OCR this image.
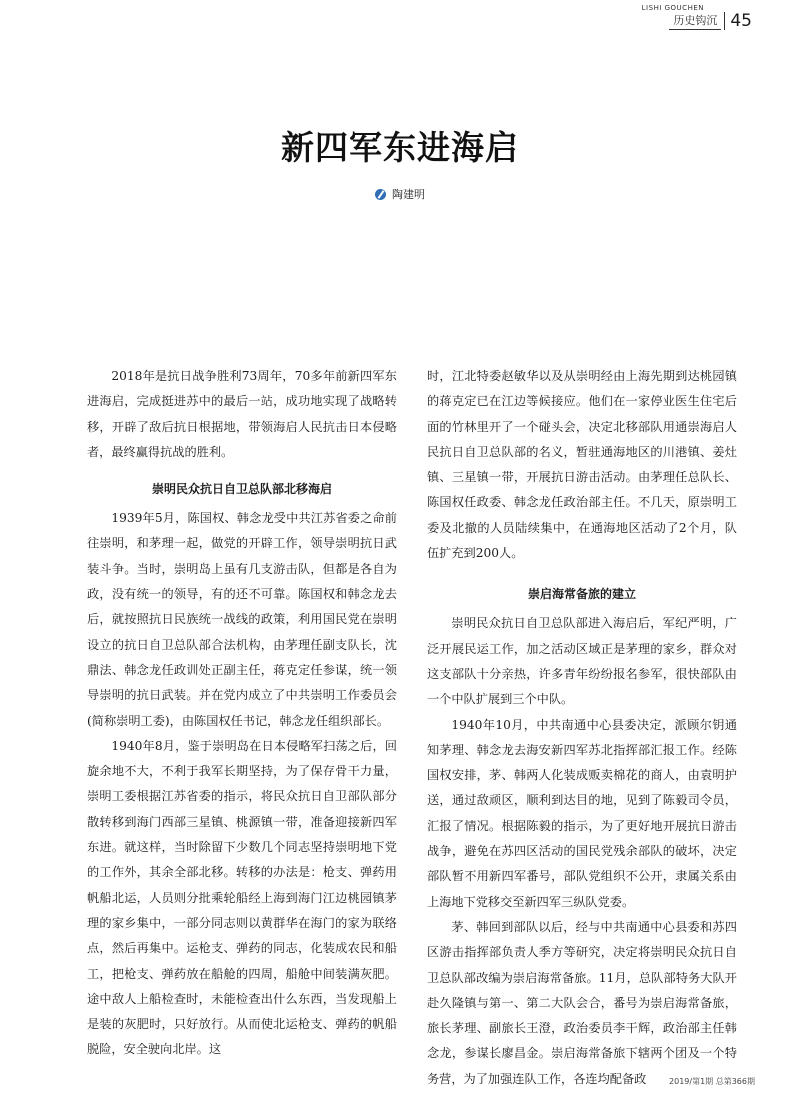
LISHI GOUCHEN
历史钩沉 45
新四军东进海启
陶建明

2018年是抗日战争胜利73周年，70多年前新四军东进海启，完成挺进苏中的最后一站，成功地实现了战略转移，开辟了敌后抗日根据地，带领海启人民抗击日本侵略者，最终赢得抗战的胜利。

崇明民众抗日自卫总队部北移海启

1939年5月，陈国权、韩念龙受中共江苏省委之命前往崇明，和茅理一起，做党的开辟工作，领导崇明抗日武装斗争。当时，崇明岛上虽有几支游击队，但都是各自为政，没有统一的领导，有的还不可靠。陈国权和韩念龙去后，就按照抗日民族统一战线的政策，利用国民党在崇明设立的抗日自卫总队部合法机构，由茅理任副支队长，沈鼎法、韩念龙任政训处正副主任，蒋克定任参谋，统一领导崇明的抗日武装。并在党内成立了中共崇明工作委员会(简称崇明工委)，由陈国权任书记，韩念龙任组织部长。

1940年8月，鉴于崇明岛在日本侵略军扫荡之后，回旋余地不大，不利于我军长期坚持，为了保存骨干力量，崇明工委根据江苏省委的指示，将民众抗日自卫部队部分散转移到海门西部三星镇、桃源镇一带，准备迎接新四军东进。就这样，当时除留下少数几个同志坚持崇明地下党的工作外，其余全部北移。转移的办法是：枪支、弹药用帆船北运，人员则分批乘轮船经上海到海门江边桃园镇茅理的家乡集中，一部分同志则以黄群华在海门的家为联络点，然后再集中。运枪支、弹药的同志，化装成农民和船工，把枪支、弹药放在船舱的四周，船舱中间装满灰肥。途中敌人上船检查时，未能检查出什么东西，当发现船上是装的灰肥时，只好放行。从而使北运枪支、弹药的帆船脱险，安全驶向北岸。这

时，江北特委赵敏华以及从崇明经由上海先期到达桃园镇的蒋克定已在江边等候接应。他们在一家停业医生住宅后面的竹林里开了一个碰头会，决定北移部队用通崇海启人民抗日自卫总队部的名义，暂驻通海地区的川港镇、姜灶镇、三星镇一带，开展抗日游击活动。由茅理任总队长、陈国权任政委、韩念龙任政治部主任。不几天，原崇明工委及北撤的人员陆续集中，在通海地区活动了2个月，队伍扩充到200人。

崇启海常备旅的建立

崇明民众抗日自卫总队部进入海启后，军纪严明，广泛开展民运工作，加之活动区域正是茅理的家乡，群众对这支部队十分亲热，许多青年纷纷报名参军，很快部队由一个中队扩展到三个中队。

1940年10月，中共南通中心县委决定，派顾尔钥通知茅理、韩念龙去海安新四军苏北指挥部汇报工作。经陈国权安排，茅、韩两人化装成贩卖棉花的商人，由袁明护送，通过敌顽区，顺利到达目的地，见到了陈毅司令员，汇报了情况。根据陈毅的指示，为了更好地开展抗日游击战争，避免在苏四区活动的国民党残余部队的破坏，决定部队暂不用新四军番号，部队党组织不公开，隶属关系由上海地下党移交至新四军三纵队党委。

茅、韩回到部队以后，经与中共南通中心县委和苏四区游击指挥部负责人季方等研究，决定将崇明民众抗日自卫总队部改编为崇启海常备旅。11月，总队部特务大队开赴久隆镇与第一、第二大队会合，番号为崇启海常备旅，旅长茅理、副旅长王澄，政治委员李干辉，政治部主任韩念龙，参谋长廖昌金。崇启海常备旅下辖两个团及一个特务营，为了加强连队工作，各连均配备政	2019/第1期 总第366期
